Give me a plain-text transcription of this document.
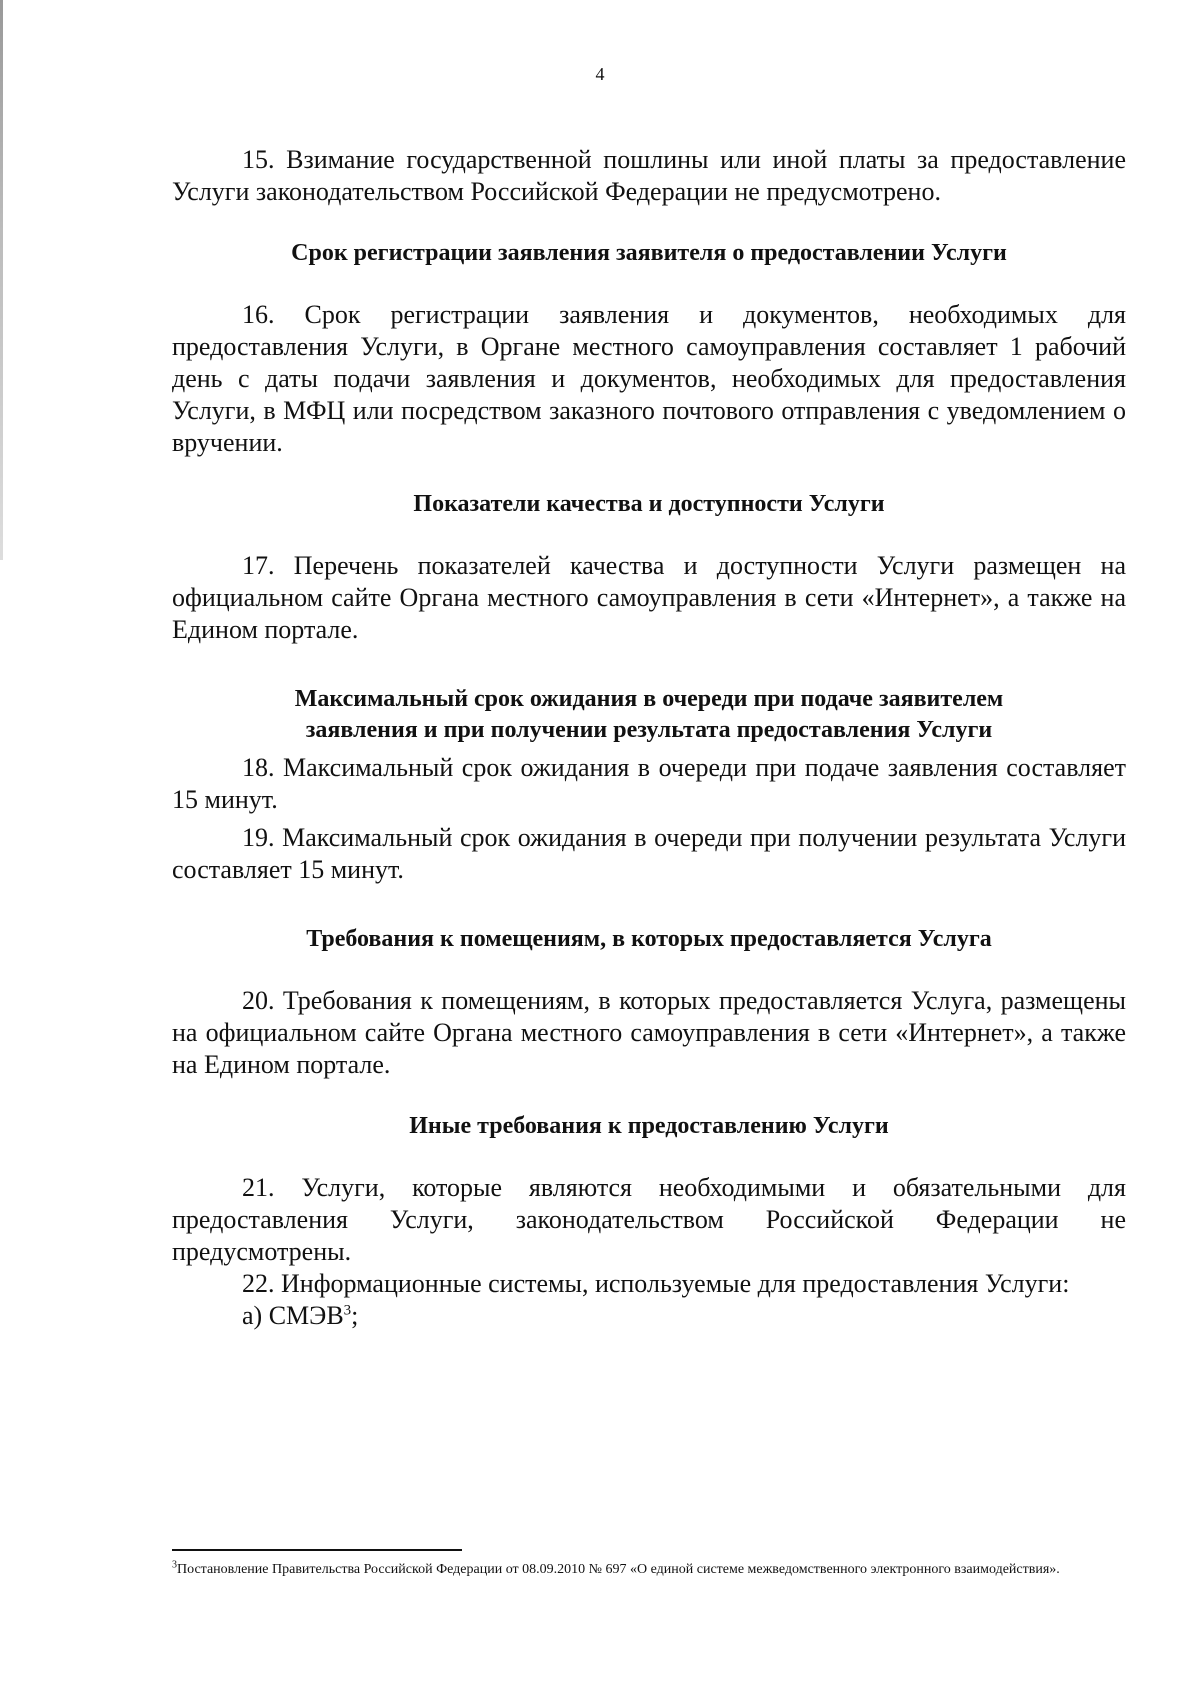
4

15. Взимание государственной пошлины или иной платы за предоставление Услуги законодательством Российской Федерации не предусмотрено.

Срок регистрации заявления заявителя о предоставлении Услуги

16. Срок регистрации заявления и документов, необходимых для предоставления Услуги, в Органе местного самоуправления составляет 1 рабочий день с даты подачи заявления и документов, необходимых для предоставления Услуги, в МФЦ или посредством заказного почтового отправления с уведомлением о вручении.

Показатели качества и доступности Услуги

17. Перечень показателей качества и доступности Услуги размещен на официальном сайте Органа местного самоуправления в сети «Интернет», а также на Едином портале.

Максимальный срок ожидания в очереди при подаче заявителем
заявления и при получении результата предоставления Услуги

18. Максимальный срок ожидания в очереди при подаче заявления составляет 15 минут.

19. Максимальный срок ожидания в очереди при получении результата Услуги составляет 15 минут.

Требования к помещениям, в которых предоставляется Услуга

20. Требования к помещениям, в которых предоставляется Услуга, размещены на официальном сайте Органа местного самоуправления в сети «Интернет», а также на Едином портале.

Иные требования к предоставлению Услуги

21. Услуги, которые являются необходимыми и обязательными для предоставления Услуги, законодательством Российской Федерации не предусмотрены.

22. Информационные системы, используемые для предоставления Услуги:

а) СМЭВ$^3$;

$^3$Постановление Правительства Российской Федерации от 08.09.2010 № 697 «О единой системе межведомственного электронного взаимодействия».
